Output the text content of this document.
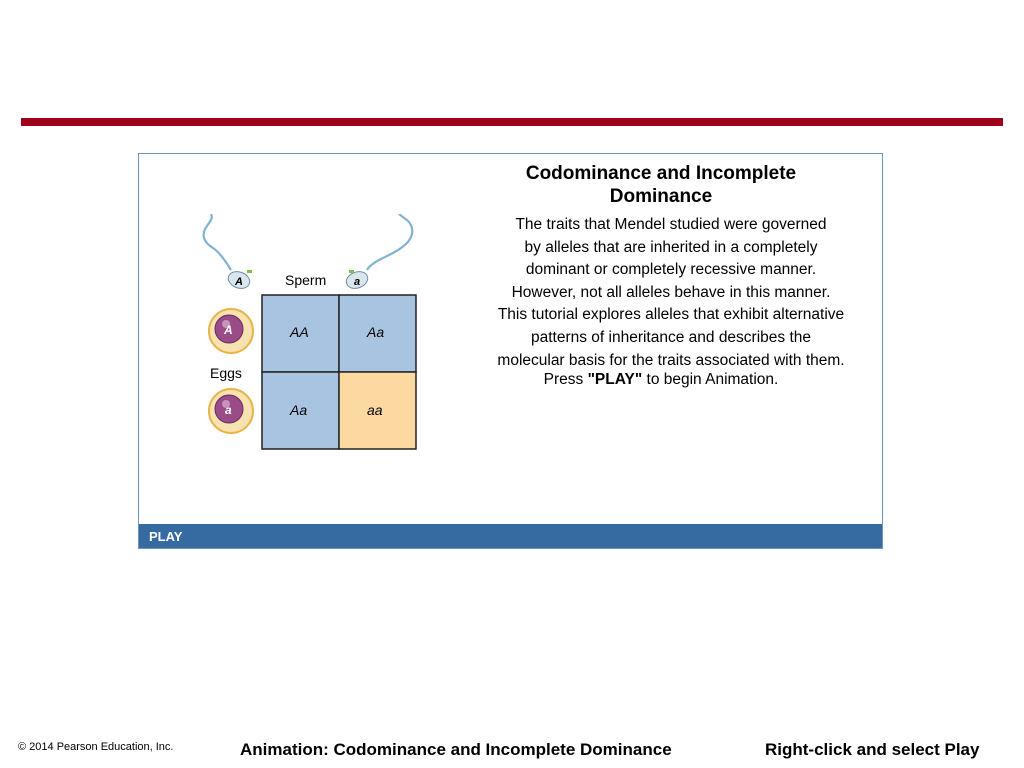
A	a
Sperm
AA	Aa
Aa	aa
A
Eggs
a
Codominance and Incomplete
Dominance
The traits that Mendel studied were governed
by alleles that are inherited in a completely
dominant or completely recessive manner.
However, not all alleles behave in this manner.
This tutorial explores alleles that exhibit alternative
patterns of inheritance and describes the
molecular basis for the traits associated with them.
Press "PLAY" to begin Animation.
PLAY
© 2014 Pearson Education, Inc.	Animation: Codominance and Incomplete Dominance	Right-click and select Play
